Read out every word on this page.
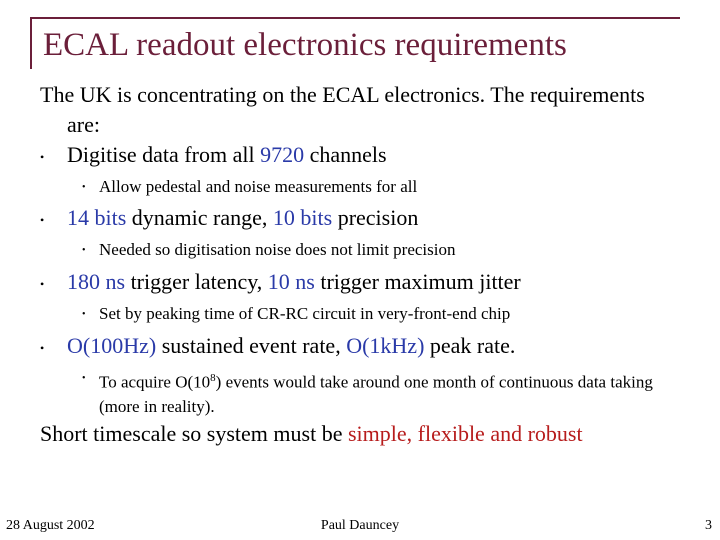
ECAL readout electronics requirements
The UK is concentrating on the ECAL electronics. The requirements are:
• Digitise data from all 9720 channels
• Allow pedestal and noise measurements for all
• 14 bits dynamic range, 10 bits precision
• Needed so digitisation noise does not limit precision
• 180 ns trigger latency, 10 ns trigger maximum jitter
• Set by peaking time of CR-RC circuit in very-front-end chip
• O(100Hz) sustained event rate, O(1kHz) peak rate.
• To acquire $O(10^8)$ events would take around one month of continuous data taking (more in reality).
Short timescale so system must be simple, flexible and robust
28 August 2002	Paul Dauncey	3
